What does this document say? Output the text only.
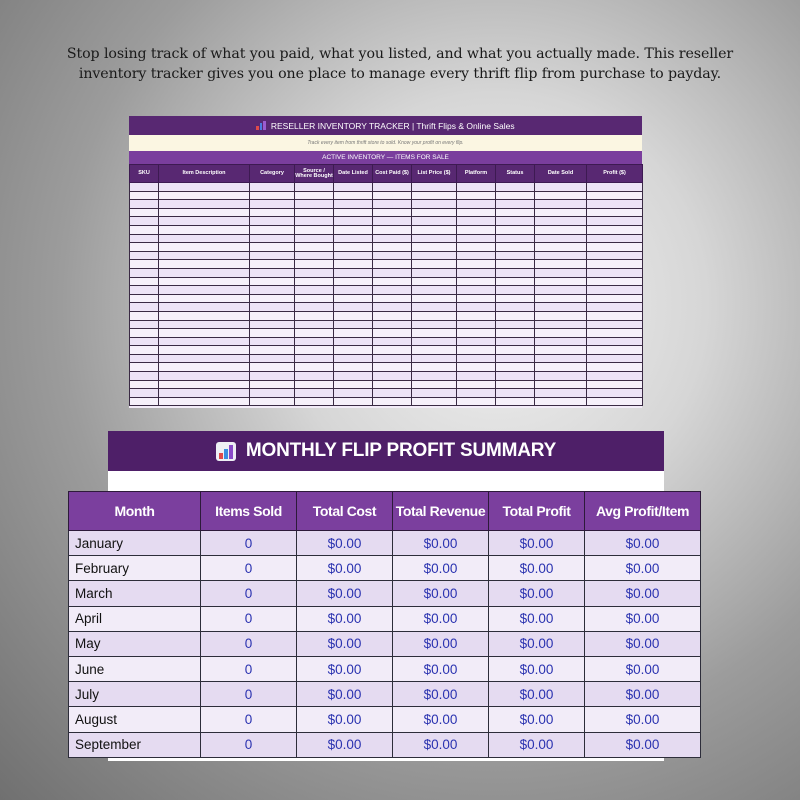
Stop losing track of what you paid, what you listed, and what you actually made. This reseller inventory tracker gives you one place to manage every thrift flip from purchase to payday.

RESELLER INVENTORY TRACKER | Thrift Flips & Online Sales
Track every item from thrift store to sold. Know your profit on every flip.
ACTIVE INVENTORY — ITEMS FOR SALE
SKU	Item Description	Category	Source / Where Bought	Date Listed	Cost Paid ($)	List Price ($)	Platform	Status	Date Sold	Profit ($)

MONTHLY FLIP PROFIT SUMMARY
Month	Items Sold	Total Cost	Total Revenue	Total Profit	Avg Profit/Item
January	0	$0.00	$0.00	$0.00	$0.00
February	0	$0.00	$0.00	$0.00	$0.00
March	0	$0.00	$0.00	$0.00	$0.00
April	0	$0.00	$0.00	$0.00	$0.00
May	0	$0.00	$0.00	$0.00	$0.00
June	0	$0.00	$0.00	$0.00	$0.00
July	0	$0.00	$0.00	$0.00	$0.00
August	0	$0.00	$0.00	$0.00	$0.00
September	0	$0.00	$0.00	$0.00	$0.00
